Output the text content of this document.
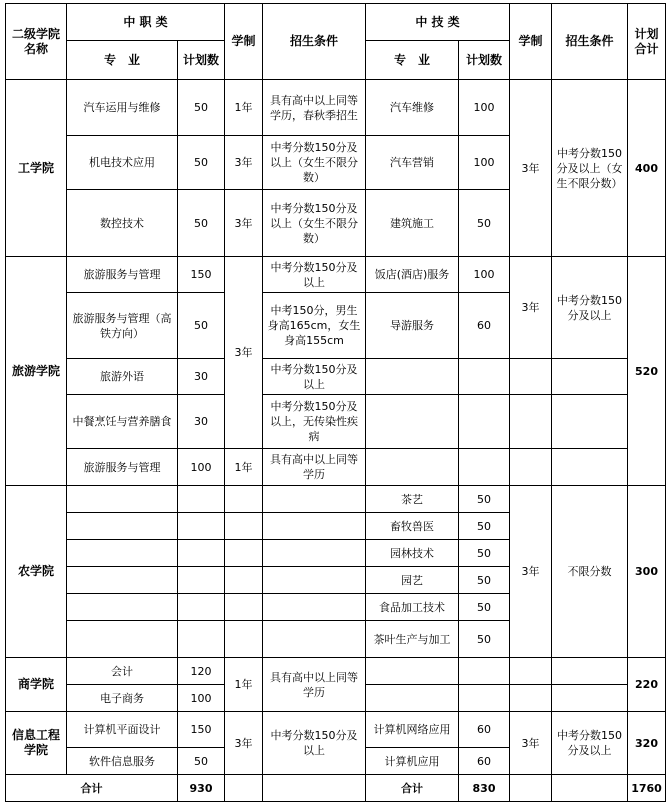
二级学院名称	中 职 类		学制	招生条件	中 技 类		学制	招生条件	计划合计
	专　业	计划数			专　业	计划数			
工学院	汽车运用与维修	50	1年	具有高中以上同等学历，春秋季招生	汽车维修	100	3年	中考分数150分及以上（女生不限分数）	400
	机电技术应用	50	3年	中考分数150分及以上（女生不限分数）	汽车营销	100			
	数控技术	50	3年	中考分数150分及以上（女生不限分数）	建筑施工	50			
旅游学院	旅游服务与管理	150	3年	中考分数150分及以上	饭店(酒店)服务	100	3年	中考分数150分及以上	520
	旅游服务与管理（高铁方向）	50		中考150分，男生身高165cm，女生身高155cm	导游服务	60			
	旅游外语	30		中考分数150分及以上					
	中餐烹饪与营养膳食	30		中考分数150分及以上，无传染性疾病					
	旅游服务与管理	100	1年	具有高中以上同等学历					
农学院					茶艺	50	3年	不限分数	300
					畜牧兽医	50			
					园林技术	50			
					园艺	50			
					食品加工技术	50			
					茶叶生产与加工	50			
商学院	会计	120	1年	具有高中以上同等学历					220
	电子商务	100							
信息工程学院	计算机平面设计	150	3年	中考分数150分及以上	计算机网络应用	60	3年	中考分数150分及以上	320
	软件信息服务	50			计算机应用	60			
合计		930			合计	830			1760
